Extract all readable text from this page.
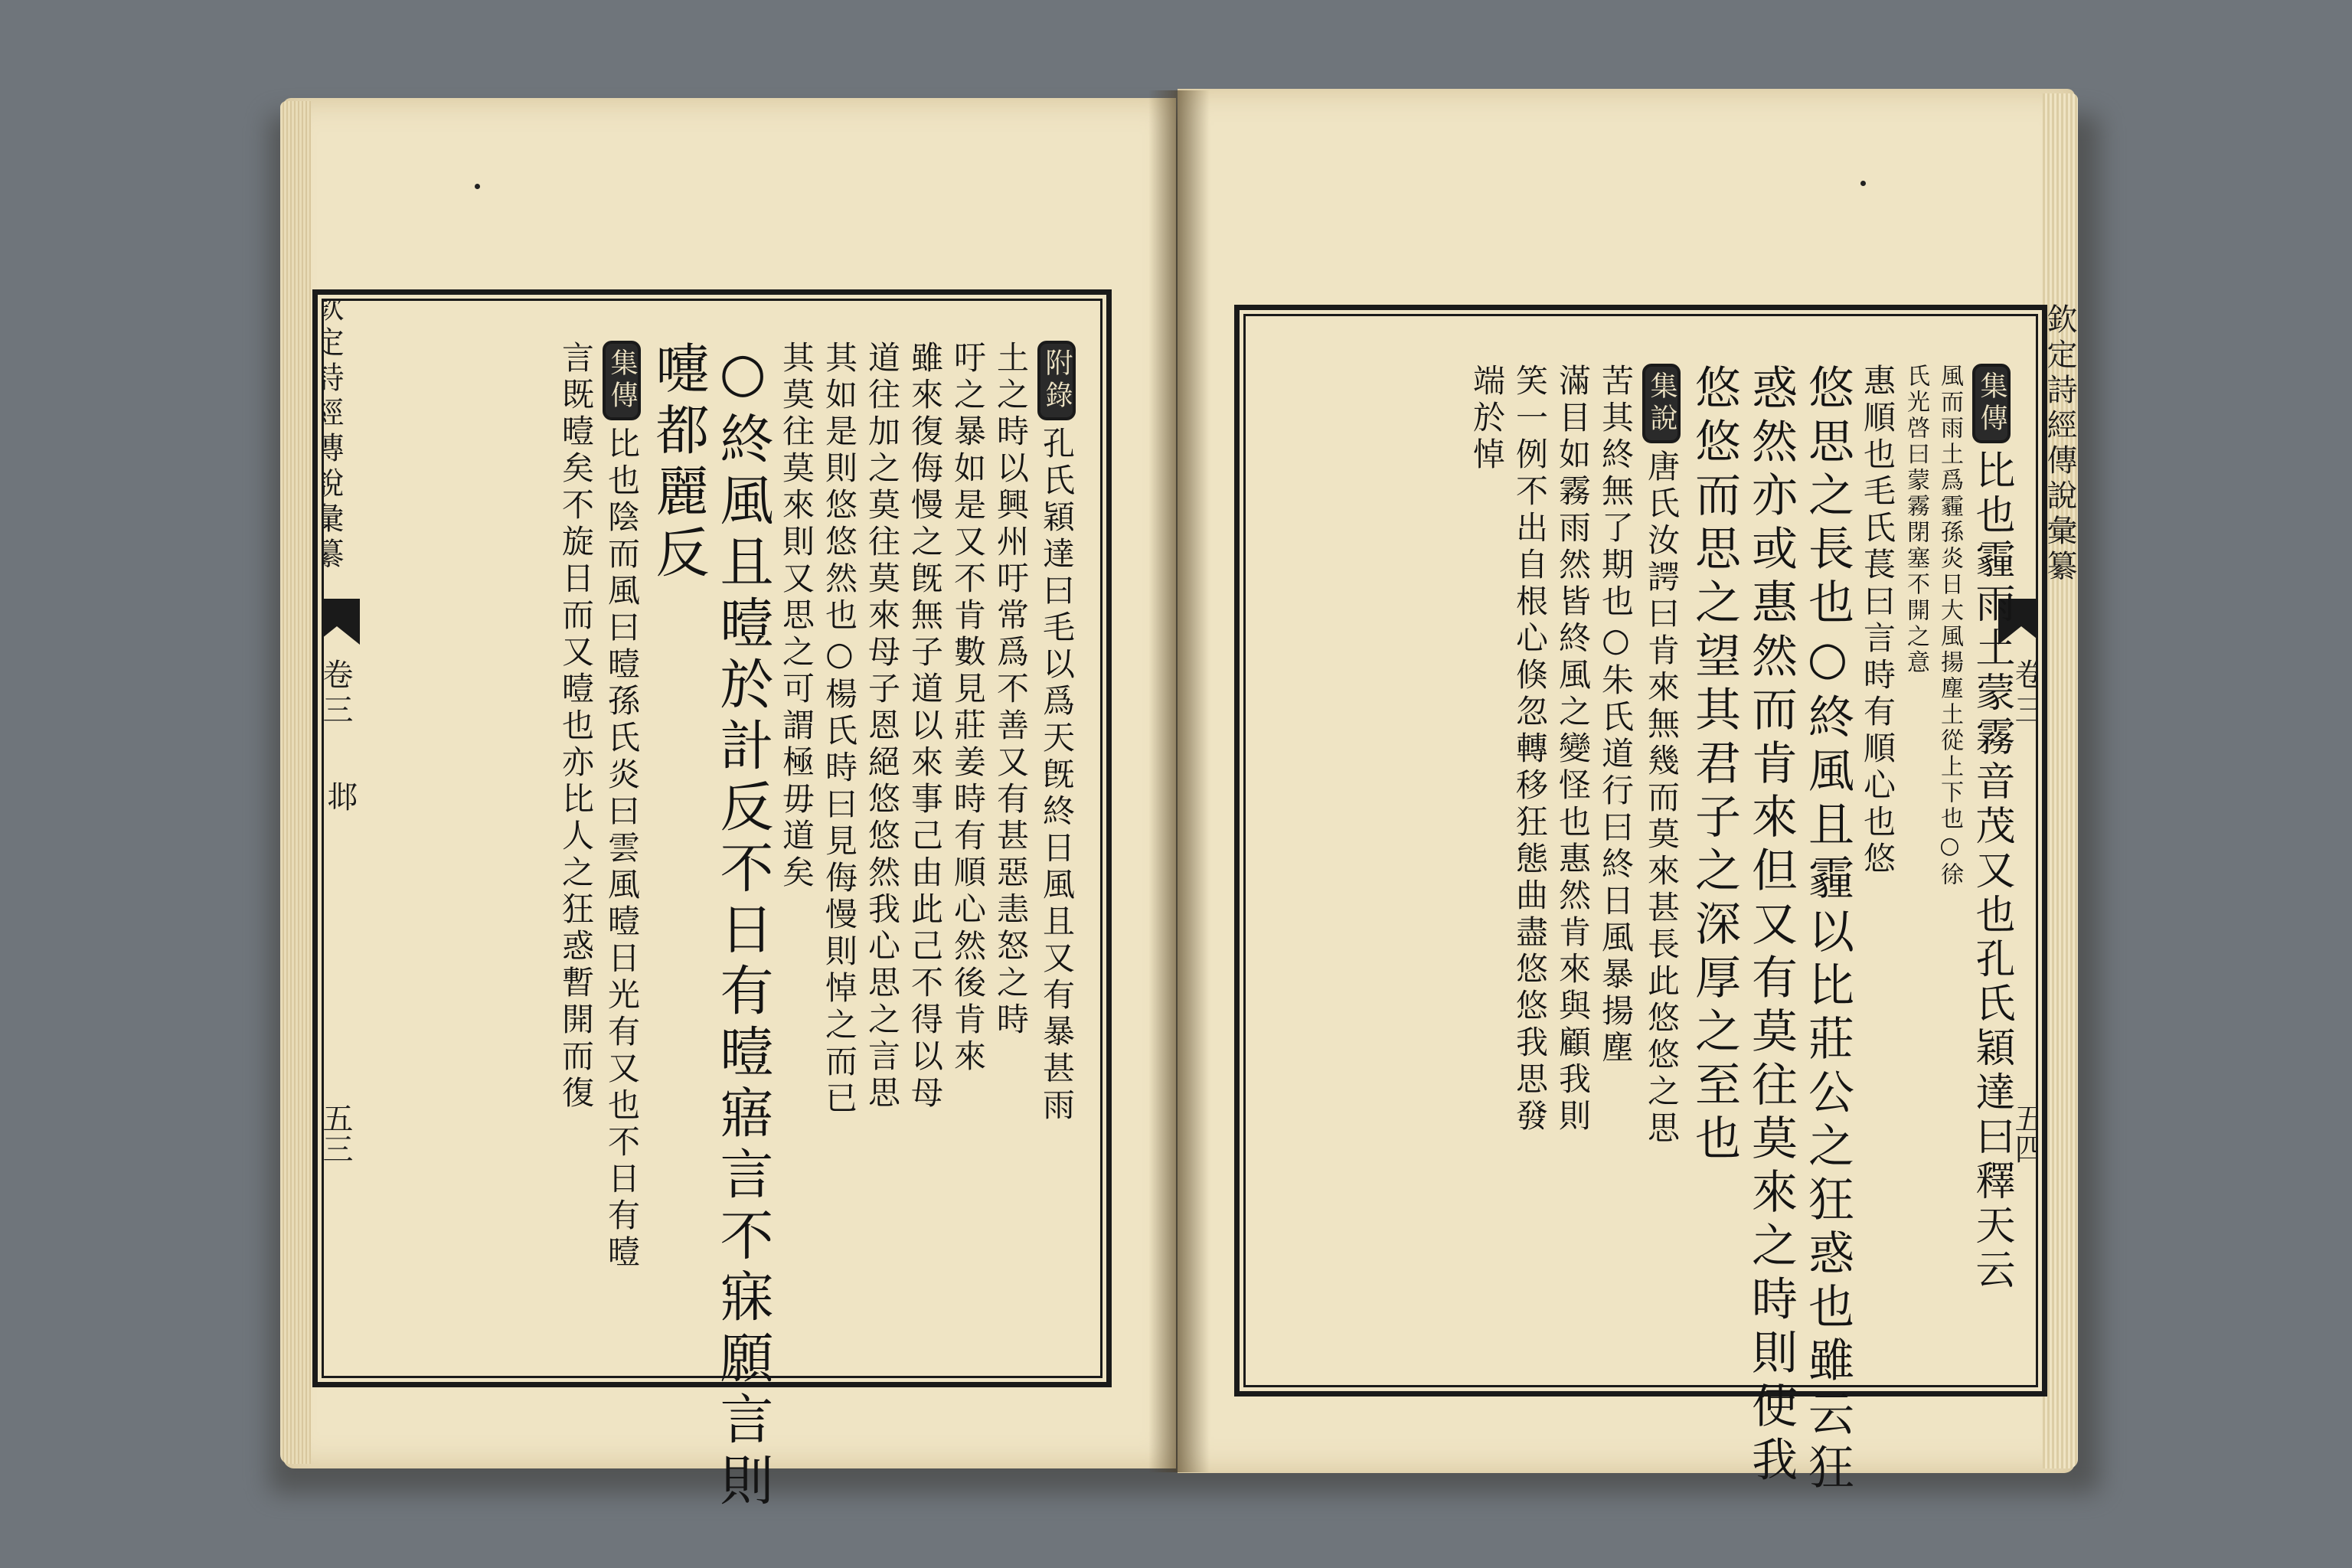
欽定詩經傳說彙纂
卷三
邶
五三
附錄孔氏穎達曰毛以爲天旣終日風且又有暴甚雨
土之時以興州吁常爲不善又有甚惡恚怒之時
吁之暴如是又不肯數見莊姜時有順心然後肯來
雖來復侮慢之旣無子道以來事己由此己不得以母
道往加之莫往莫來母子恩絕悠悠然我心思之言思
其如是則悠悠然也○楊氏時曰見侮慢則悼之而已
其莫往莫來則又思之可謂極毋道矣
○終風且曀於計反不日有曀寤言不寐願言則
嚏都麗反
集傳比也陰而風曰曀孫氏炎曰雲風曀日光有又也不日有曀
言既曀矣不旋日而又曀也亦比人之狂惑暫開而復	欽定詩經傳說彙纂
卷三
五四
集傳比也霾雨土蒙霧音茂又也孔氏穎達曰釋天云
風而雨土爲霾孫炎日大風揚塵土從上下也○徐
氏光啓曰蒙霧閉塞不開之意
惠順也毛氏萇曰言時有順心也悠
悠思之長也○終風且霾以比莊公之狂惑也雖云狂
惑然亦或惠然而肯來但又有莫往莫來之時則使我
悠悠而思之望其君子之深厚之至也
集說唐氏汝諤曰肯來無幾而莫來甚長此悠悠之思
苦其終無了期也○朱氏道行曰終日風暴揚塵
滿目如霧雨然皆終風之變怪也惠然肯來與顧我則
笑一例不出自根心倏忽轉移狂態曲盡悠悠我思發
端於悼
